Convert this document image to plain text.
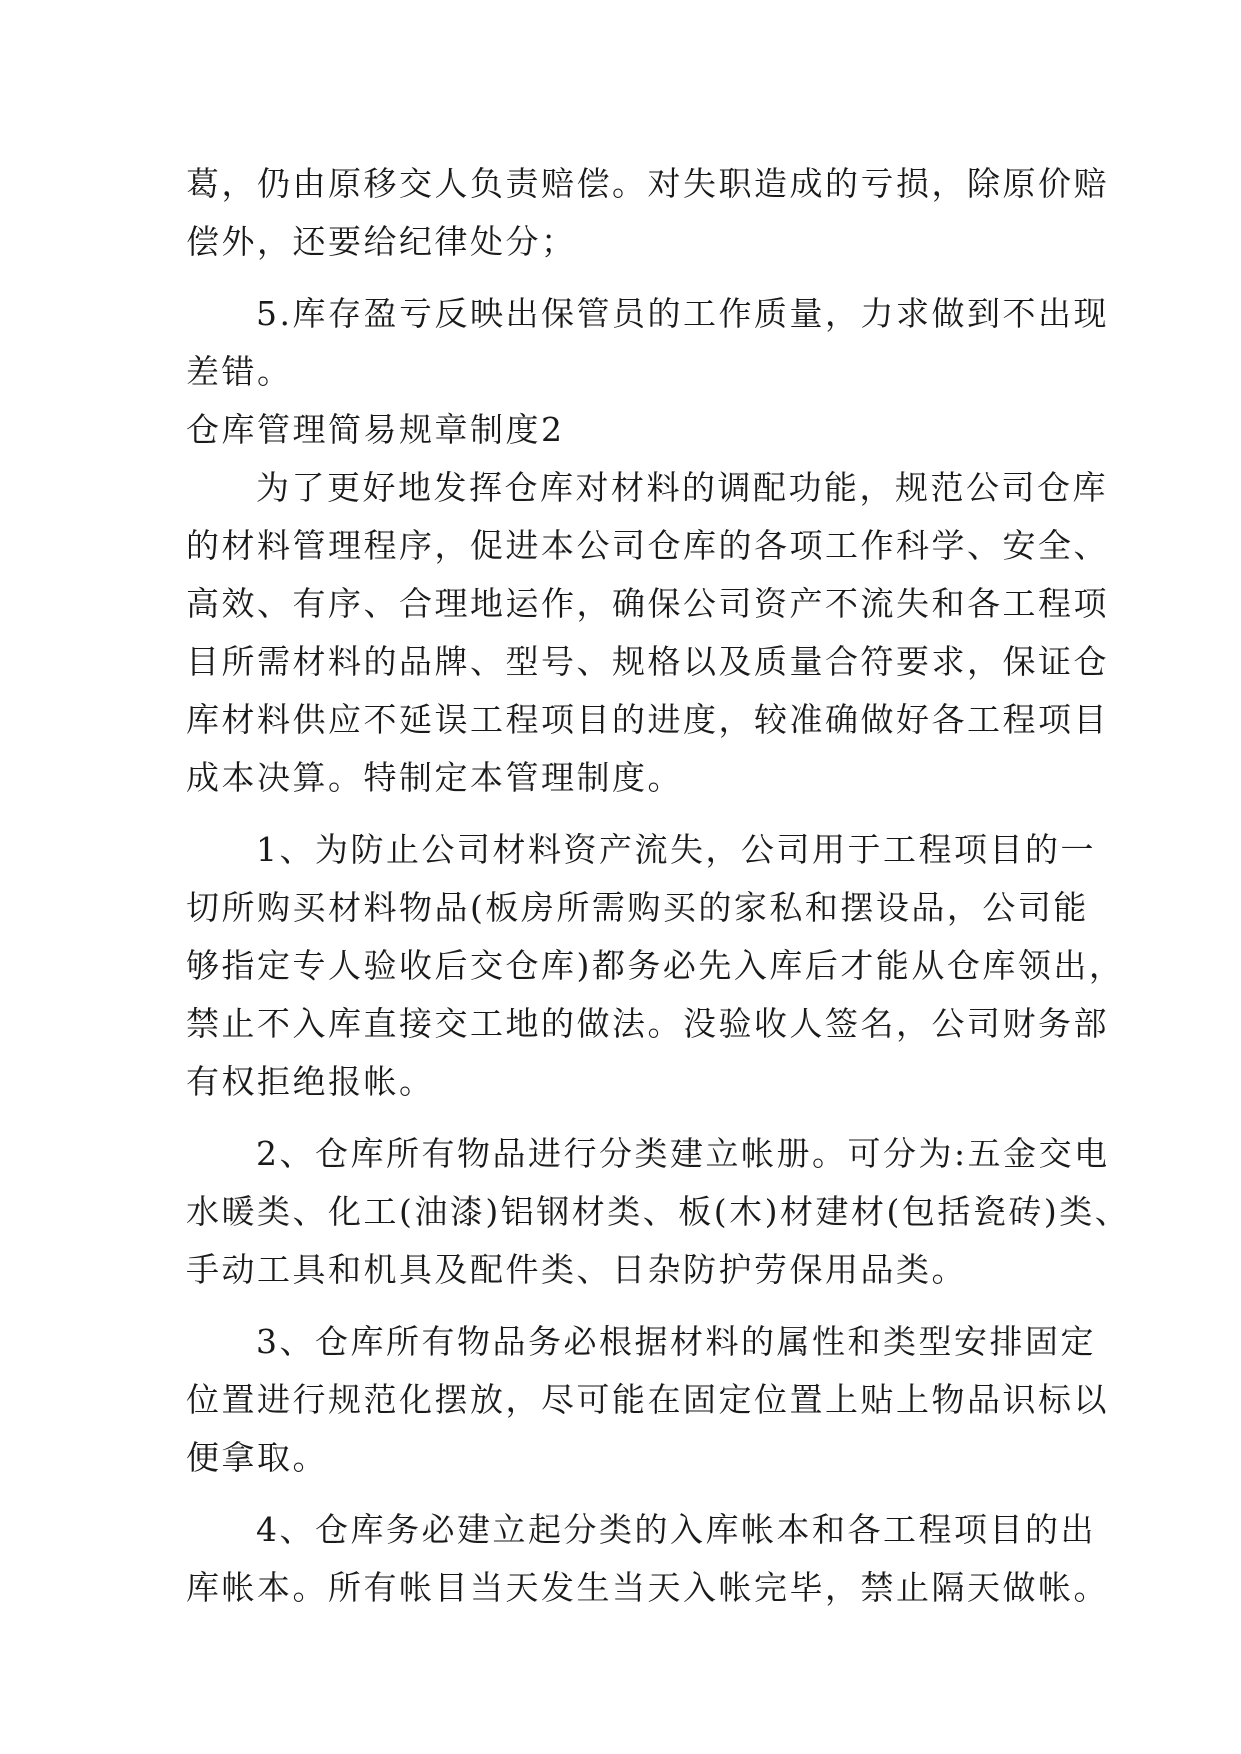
葛，仍由原移交人负责赔偿。对失职造成的亏损，除原价赔
偿外，还要给纪律处分；
5.库存盈亏反映出保管员的工作质量，力求做到不出现
差错。
仓库管理简易规章制度2
为了更好地发挥仓库对材料的调配功能，规范公司仓库
的材料管理程序，促进本公司仓库的各项工作科学、安全、
高效、有序、合理地运作，确保公司资产不流失和各工程项
目所需材料的品牌、型号、规格以及质量合符要求，保证仓
库材料供应不延误工程项目的进度，较准确做好各工程项目
成本决算。特制定本管理制度。
1、为防止公司材料资产流失，公司用于工程项目的一
切所购买材料物品(板房所需购买的家私和摆设品，公司能
够指定专人验收后交仓库)都务必先入库后才能从仓库领出，
禁止不入库直接交工地的做法。没验收人签名，公司财务部
有权拒绝报帐。
2、仓库所有物品进行分类建立帐册。可分为:五金交电
水暖类、化工(油漆)铝钢材类、板(木)材建材(包括瓷砖)类、
手动工具和机具及配件类、日杂防护劳保用品类。
3、仓库所有物品务必根据材料的属性和类型安排固定
位置进行规范化摆放，尽可能在固定位置上贴上物品识标以
便拿取。
4、仓库务必建立起分类的入库帐本和各工程项目的出
库帐本。所有帐目当天发生当天入帐完毕，禁止隔天做帐。
